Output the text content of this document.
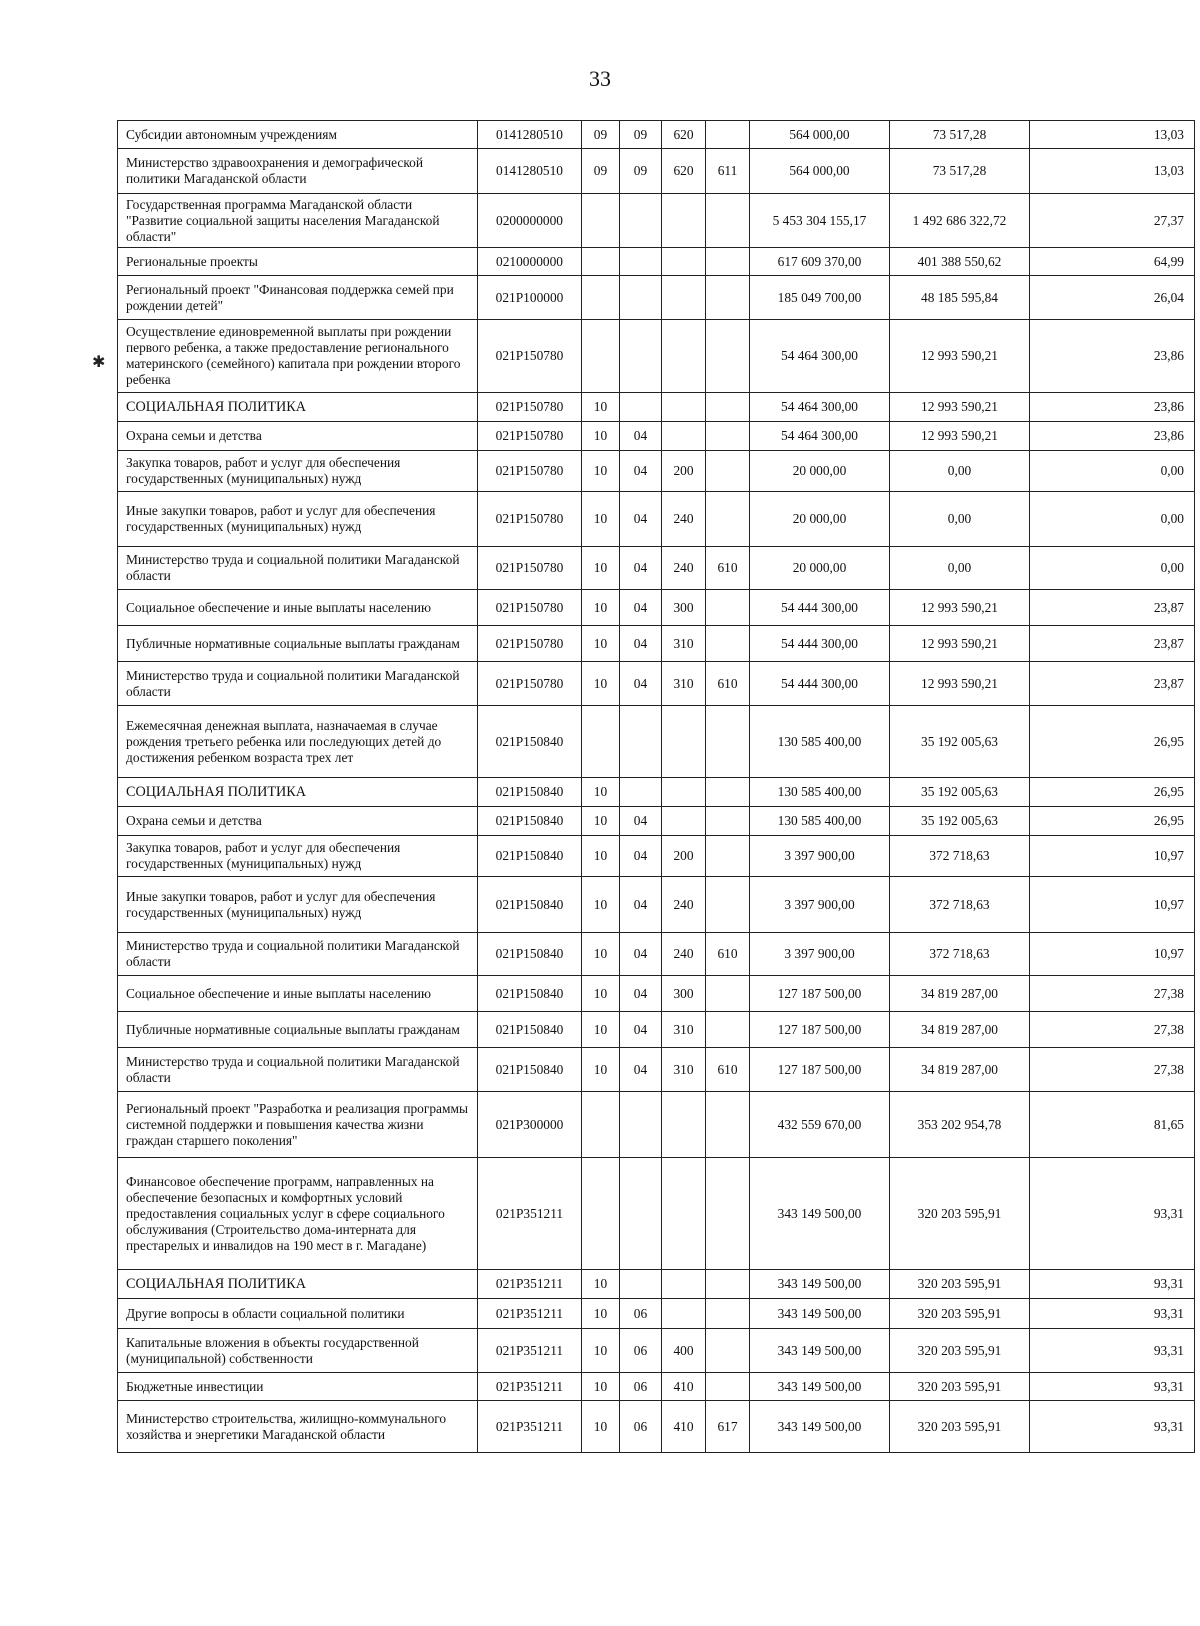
33
✱
Субсидии автономным учреждениям	0141280510	09	09	620		564 000,00	73 517,28	13,03
Министерство здравоохранения и демографической политики Магаданской области	0141280510	09	09	620	611	564 000,00	73 517,28	13,03
Государственная программа Магаданской области "Развитие социальной защиты населения Магаданской области"	0200000000					5 453 304 155,17	1 492 686 322,72	27,37
Региональные проекты	0210000000					617 609 370,00	401 388 550,62	64,99
Региональный проект "Финансовая поддержка семей при рождении детей"	021P100000					185 049 700,00	48 185 595,84	26,04
Осуществление единовременной выплаты при рождении первого ребенка, а также предоставление регионального материнского (семейного) капитала при рождении второго ребенка	021P150780					54 464 300,00	12 993 590,21	23,86
СОЦИАЛЬНАЯ ПОЛИТИКА	021P150780	10				54 464 300,00	12 993 590,21	23,86
Охрана семьи и детства	021P150780	10	04			54 464 300,00	12 993 590,21	23,86
Закупка товаров, работ и услуг для обеспечения государственных (муниципальных) нужд	021P150780	10	04	200		20 000,00	0,00	0,00
Иные закупки товаров, работ и услуг для обеспечения государственных (муниципальных) нужд	021P150780	10	04	240		20 000,00	0,00	0,00
Министерство труда и социальной политики Магаданской области	021P150780	10	04	240	610	20 000,00	0,00	0,00
Социальное обеспечение и иные выплаты населению	021P150780	10	04	300		54 444 300,00	12 993 590,21	23,87
Публичные нормативные социальные выплаты гражданам	021P150780	10	04	310		54 444 300,00	12 993 590,21	23,87
Министерство труда и социальной политики Магаданской области	021P150780	10	04	310	610	54 444 300,00	12 993 590,21	23,87
Ежемесячная денежная выплата, назначаемая в случае рождения третьего ребенка или последующих детей до достижения ребенком возраста трех лет	021P150840					130 585 400,00	35 192 005,63	26,95
СОЦИАЛЬНАЯ ПОЛИТИКА	021P150840	10				130 585 400,00	35 192 005,63	26,95
Охрана семьи и детства	021P150840	10	04			130 585 400,00	35 192 005,63	26,95
Закупка товаров, работ и услуг для обеспечения государственных (муниципальных) нужд	021P150840	10	04	200		3 397 900,00	372 718,63	10,97
Иные закупки товаров, работ и услуг для обеспечения государственных (муниципальных) нужд	021P150840	10	04	240		3 397 900,00	372 718,63	10,97
Министерство труда и социальной политики Магаданской области	021P150840	10	04	240	610	3 397 900,00	372 718,63	10,97
Социальное обеспечение и иные выплаты населению	021P150840	10	04	300		127 187 500,00	34 819 287,00	27,38
Публичные нормативные социальные выплаты гражданам	021P150840	10	04	310		127 187 500,00	34 819 287,00	27,38
Министерство труда и социальной политики Магаданской области	021P150840	10	04	310	610	127 187 500,00	34 819 287,00	27,38
Региональный проект "Разработка и реализация программы системной поддержки и повышения качества жизни граждан старшего поколения"	021P300000					432 559 670,00	353 202 954,78	81,65
Финансовое обеспечение программ, направленных на обеспечение безопасных и комфортных условий предоставления социальных услуг в сфере социального обслуживания (Строительство дома-интерната для престарелых и инвалидов на 190 мест в г. Магадане)	021P351211					343 149 500,00	320 203 595,91	93,31
СОЦИАЛЬНАЯ ПОЛИТИКА	021P351211	10				343 149 500,00	320 203 595,91	93,31
Другие вопросы в области социальной политики	021P351211	10	06			343 149 500,00	320 203 595,91	93,31
Капитальные вложения в объекты государственной (муниципальной) собственности	021P351211	10	06	400		343 149 500,00	320 203 595,91	93,31
Бюджетные инвестиции	021P351211	10	06	410		343 149 500,00	320 203 595,91	93,31
Министерство строительства, жилищно-коммунального хозяйства и энергетики Магаданской области	021P351211	10	06	410	617	343 149 500,00	320 203 595,91	93,31
